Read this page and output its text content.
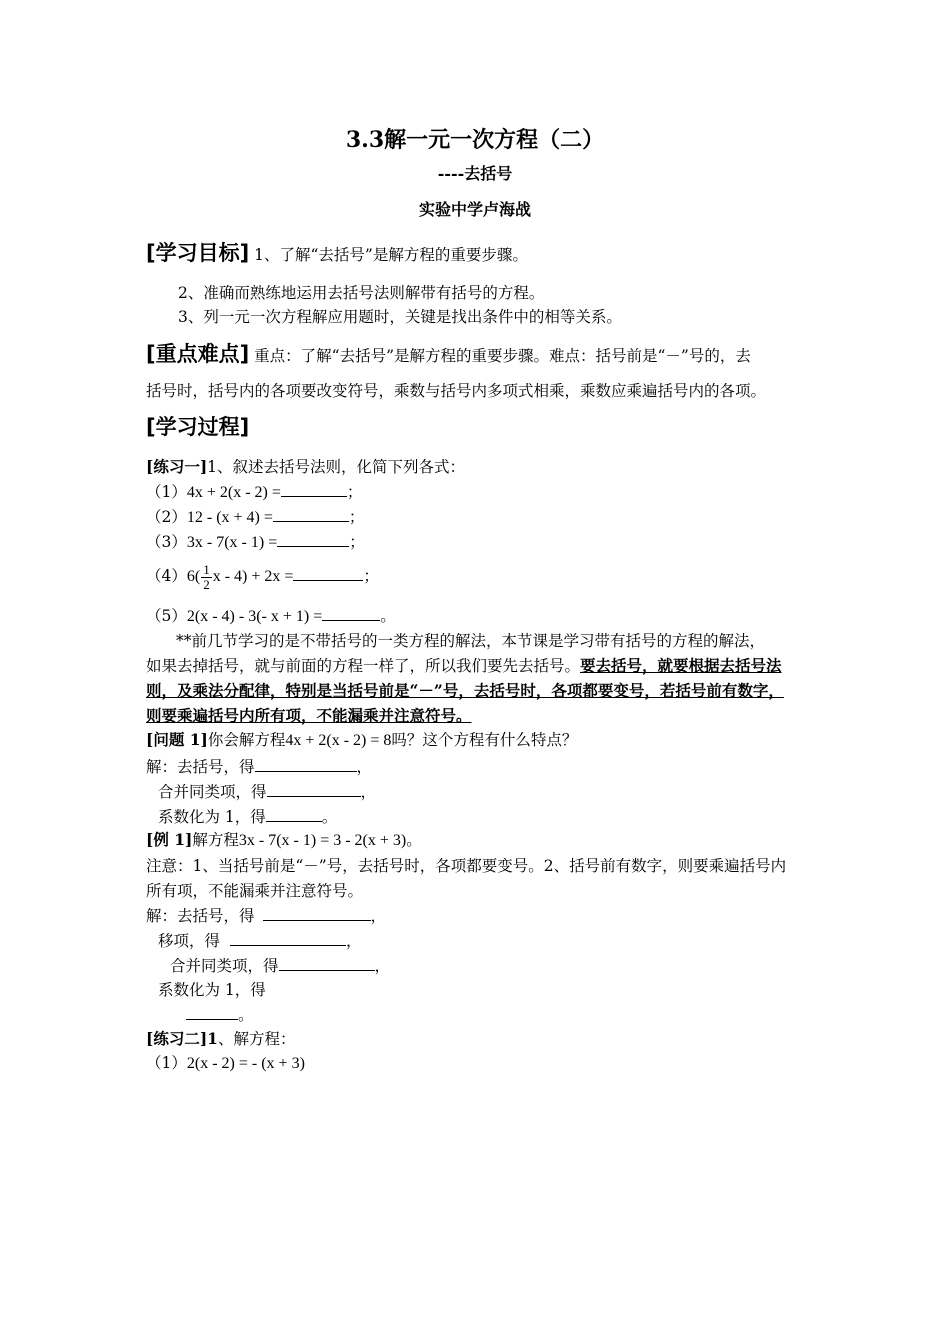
3.3解一元一次方程（二）
----去括号
实验中学卢海战
[学习目标] 1、了解“去括号”是解方程的重要步骤。
2、准确而熟练地运用去括号法则解带有括号的方程。
3、列一元一次方程解应用题时，关键是找出条件中的相等关系。
[重点难点] 重点：了解“去括号”是解方程的重要步骤。难点：括号前是“－”号的，去
括号时，括号内的各项要改变符号，乘数与括号内多项式相乘，乘数应乘遍括号内的各项。
[学习过程]
[练习一]1、叙述去括号法则，化简下列各式：
（1）4x + 2(x - 2) =	；
（2）12 - (x + 4) =	；
（3）3x - 7(x - 1) =	；
$(4)6( \frac{1}{2}$ x - 4) + 2x =	；
（5）2(x - 4) - 3(- x + 1) =	。
**前几节学习的是不带括号的一类方程的解法，本节课是学习带有括号的方程的解法，
如果去掉括号，就与前面的方程一样了，所以我们要先去括号。要去括号，就要根据去括号法
则，及乘法分配律，特别是当括号前是“－”号，去括号时，各项都要变号，若括号前有数字，
则要乘遍括号内所有项，不能漏乘并注意符号。
[问题 1]你会解方程4x + 2(x - 2) = 8吗？这个方程有什么特点？
解：去括号，得	，
合并同类项，得	，
系数化为 1，得	。
[例 1]解方程3x - 7(x - 1) = 3 - 2(x + 3)。
注意：1、当括号前是“－”号，去括号时，各项都要变号。2、括号前有数字，则要乘遍括号内
所有项，不能漏乘并注意符号。
解：去括号，得	，
移项，得	，
合并同类项，得	，
系数化为 1，得
。
[练习二]1、解方程：
（1）2(x - 2) = - (x + 3)
